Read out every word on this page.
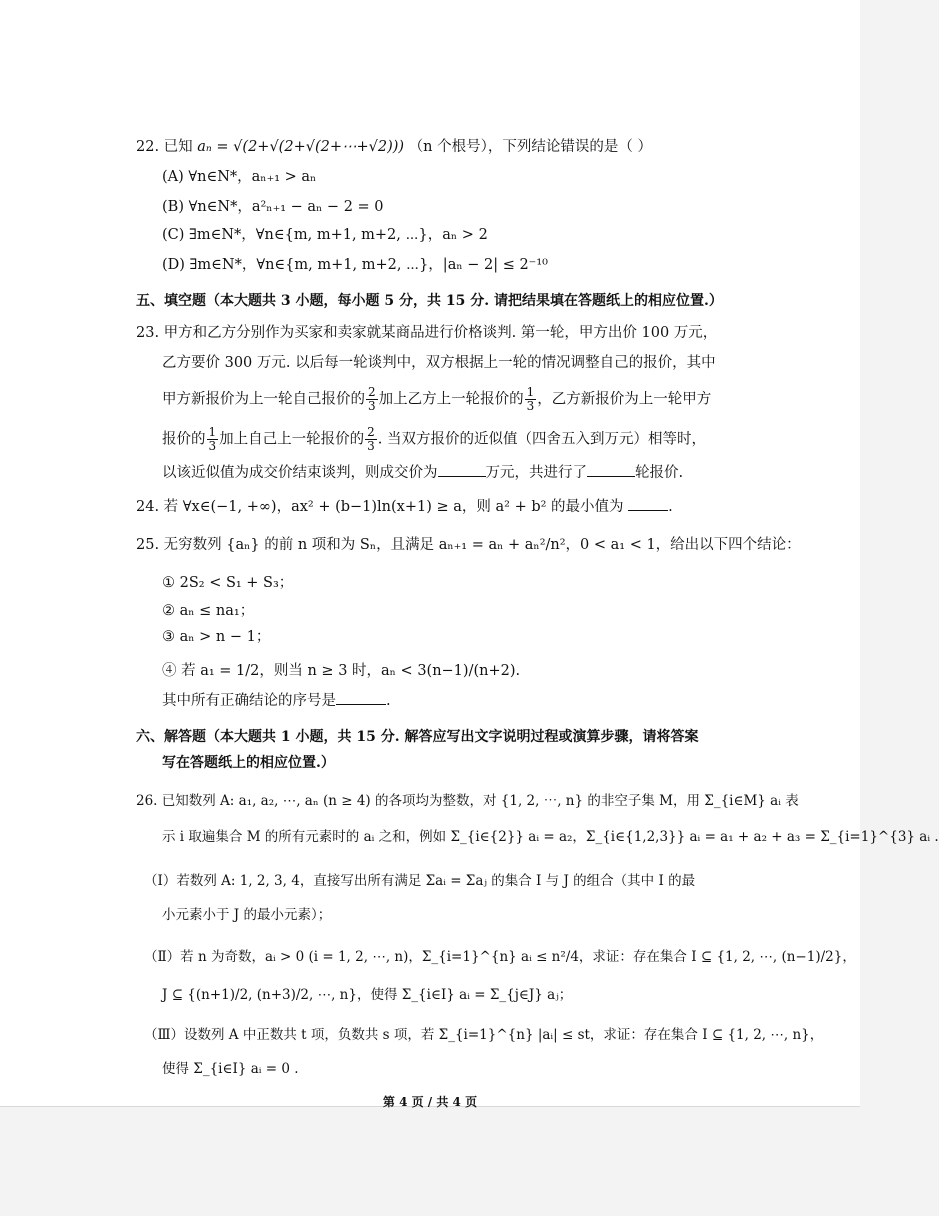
22. 已知 aₙ = √(2+√(2+√(2+⋯+√2))) （n 个根号），下列结论错误的是（ ）
(A) ∀n∈N*，aₙ₊₁ > aₙ
(B) ∀n∈N*，a²ₙ₊₁ − aₙ − 2 = 0
(C) ∃m∈N*，∀n∈{m, m+1, m+2, ⋯}，aₙ > 2
(D) ∃m∈N*，∀n∈{m, m+1, m+2, ⋯}，|aₙ − 2| ≤ 2⁻¹⁰
五、填空题（本大题共 3 小题，每小题 5 分，共 15 分. 请把结果填在答题纸上的相应位置.）
23. 甲方和乙方分别作为买家和卖家就某商品进行价格谈判. 第一轮，甲方出价 100 万元，
乙方要价 300 万元. 以后每一轮谈判中，双方根据上一轮的情况调整自己的报价，其中
甲方新报价为上一轮自己报价的 $\frac{2}{3}$ 加上乙方上一轮报价的 $\frac{1}{3}$ ，乙方新报价为上一轮甲方
报价的 $\frac{1}{3}$ 加上自己上一轮报价的 $\frac{2}{3}$ . 当双方报价的近似值（四舍五入到万元）相等时，
以该近似值为成交价结束谈判，则成交价为	万元，共进行了	轮报价.
24. 若 ∀x∈(−1, +∞)，ax² + (b−1)ln(x+1) ≥ a，则 a² + b² 的最小值为	.
25. 无穷数列 {aₙ} 的前 n 项和为 Sₙ，且满足 aₙ₊₁ = aₙ + aₙ²/n²，0 < a₁ < 1，给出以下四个结论：
① 2S₂ < S₁ + S₃；
② aₙ ≤ na₁；
③ aₙ > n − 1；
④ 若 a₁ = 1/2，则当 n ≥ 3 时，aₙ < 3(n−1)/(n+2).
其中所有正确结论的序号是	.
六、解答题（本大题共 1 小题，共 15 分. 解答应写出文字说明过程或演算步骤，请将答案
写在答题纸上的相应位置.）
26. 已知数列 A: a₁, a₂, ⋯, aₙ (n ≥ 4) 的各项均为整数，对 {1, 2, ⋯, n} 的非空子集 M，用 Σ_{i∈M} aᵢ 表
示 i 取遍集合 M 的所有元素时的 aᵢ 之和，例如 Σ_{i∈{2}} aᵢ = a₂，Σ_{i∈{1,2,3}} aᵢ = a₁ + a₂ + a₃ = Σ_{i=1}^{3} aᵢ .
（Ⅰ）若数列 A: 1, 2, 3, 4，直接写出所有满足 Σaᵢ = Σaⱼ 的集合 I 与 J 的组合（其中 I 的最
小元素小于 J 的最小元素）；
（Ⅱ）若 n 为奇数，aᵢ > 0 (i = 1, 2, ⋯, n)，Σ_{i=1}^{n} aᵢ ≤ n²/4，求证：存在集合 I ⊆ {1, 2, ⋯, (n−1)/2}，
J ⊆ {(n+1)/2, (n+3)/2, ⋯, n}，使得 Σ_{i∈I} aᵢ = Σ_{j∈J} aⱼ；
（Ⅲ）设数列 A 中正数共 t 项，负数共 s 项，若 Σ_{i=1}^{n} |aᵢ| ≤ st，求证：存在集合 I ⊆ {1, 2, ⋯, n}，
使得 Σ_{i∈I} aᵢ = 0 .
第 4 页 / 共 4 页
